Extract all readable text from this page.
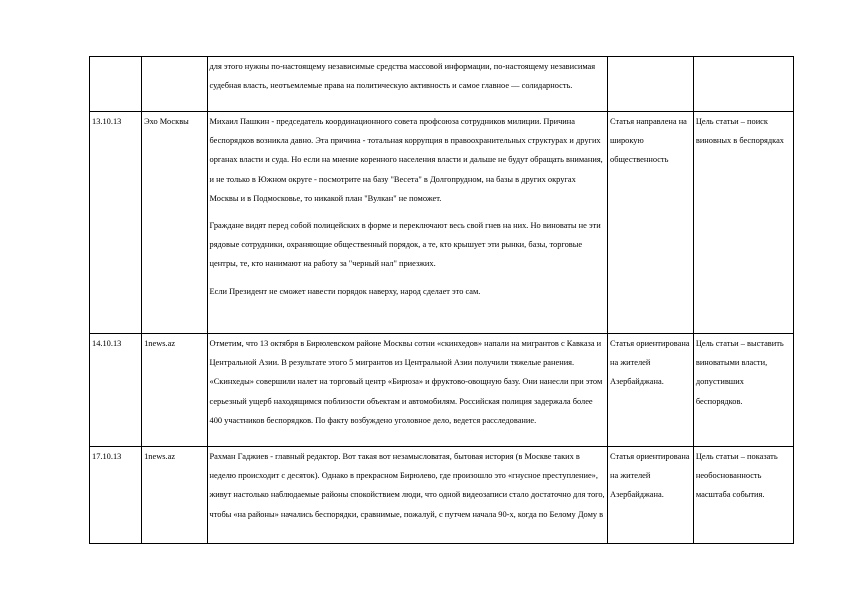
		для этого нужны по-настоящему независимые средства массовой информации, по-настоящему независимая судебная власть, неотъемлемые права на политическую активность и самое главное — солидарность.		

13.10.13	Эхо Москвы	Михаил Пашкин - председатель координационного совета профсоюза сотрудников милиции. Причина беспорядков возникла давно. Эта причина - тотальная коррупция в правоохранительных структурах и других органах власти и суда. Но если на мнение коренного населения власти и дальше не будут обращать внимания, и не только в Южном округе - посмотрите на базу "Весета" в Долгопрудном, на базы в других округах Москвы и в Подмосковье, то никакой план "Вулкан" не поможет.
Граждане видят перед собой полицейских в форме и переключают весь свой гнев на них. Но виноваты не эти рядовые сотрудники, охраняющие общественный порядок, а те, кто крышует эти рынки, базы, торговые центры, те, кто нанимают на работу за "черный нал" приезжих.
Если Президент не сможет навести порядок наверху, народ сделает это сам.	Статья направлена на широкую общественность	Цель статьи – поиск виновных в беспорядках
14.10.13	1news.az	Отметим, что 13 октября в Бирюлевском районе Москвы сотни «скинхедов» напали на мигрантов с Кавказа и Центральной Азии. В результате этого 5 мигрантов из Центральной Азии получили тяжелые ранения. «Скинхеды» совершили налет на торговый центр «Бирюза» и фруктово-овощную базу. Они нанесли при этом серьезный ущерб находящимся поблизости объектам и автомобилям. Российская полиция задержала более 400 участников беспорядков. По факту возбуждено уголовное дело, ведется расследование.	Статья ориентирована на жителей Азербайджана.	Цель статьи – выставить виноватыми власти, допустивших беспорядков.
17.10.13	1news.az	Рахман Гаджиев - главный редактор. Вот такая вот незамысловатая, бытовая история (в Москве таких в неделю происходит с десяток). Однако в прекрасном Бирюлево, где произошло это «гнусное преступление», живут настолько наблюдаемые районы спокойствием люди, что одной видеозаписи стало достаточно для того, чтобы «на районы» начались беспорядки, сравнимые, пожалуй, с путчем начала 90-х, когда по Белому Дому в	Статья ориентирована на жителей Азербайджана.	Цель статьи – показать необоснованность масштаба события.
